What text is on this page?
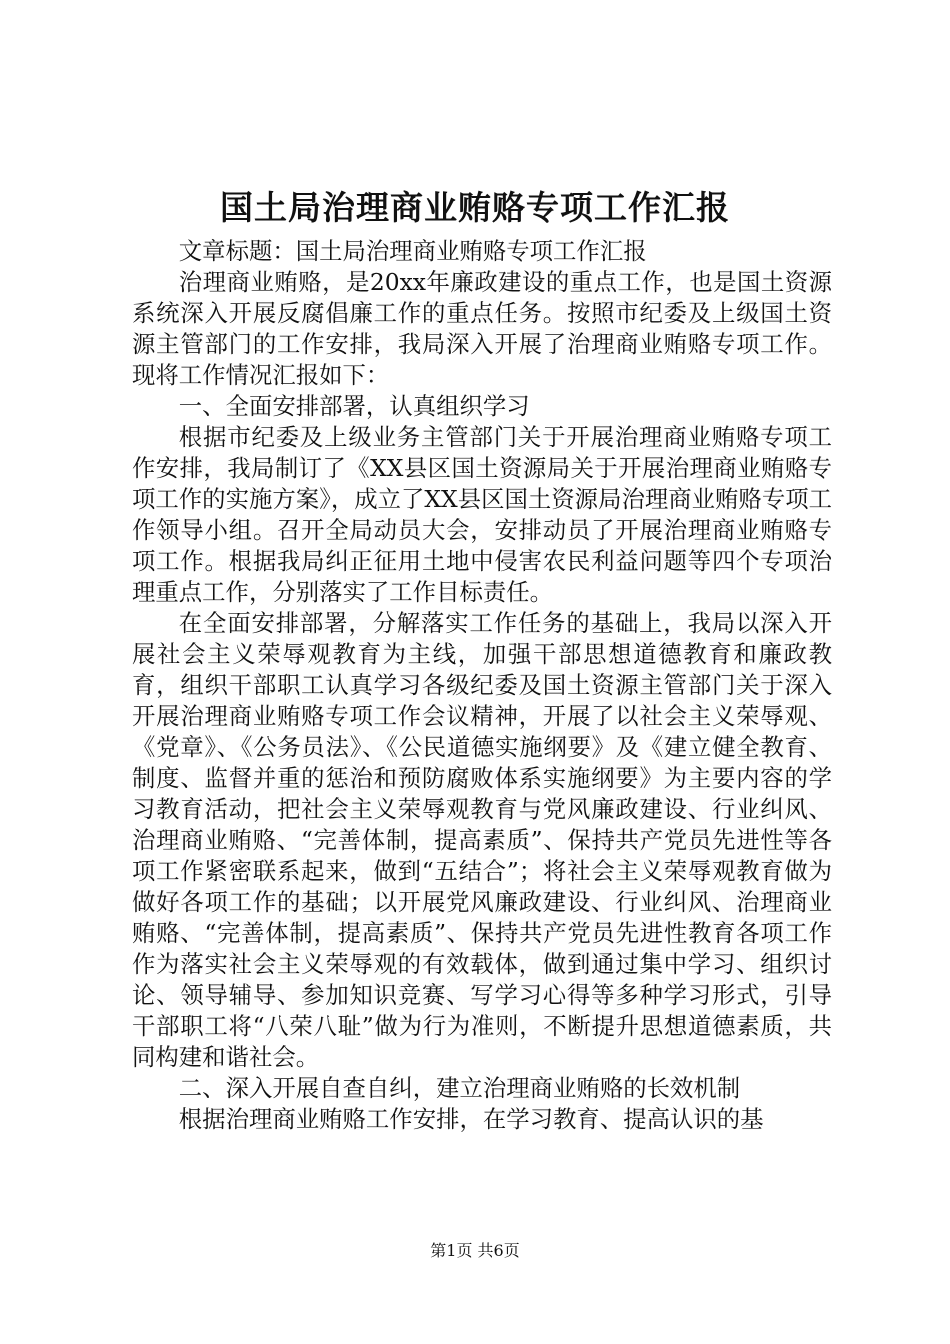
国土局治理商业贿赂专项工作汇报

文章标题：国土局治理商业贿赂专项工作汇报

治理商业贿赂，是20xx年廉政建设的重点工作，也是国土资源系统深入开展反腐倡廉工作的重点任务。按照市纪委及上级国土资源主管部门的工作安排，我局深入开展了治理商业贿赂专项工作。现将工作情况汇报如下：

一、全面安排部署，认真组织学习

根据市纪委及上级业务主管部门关于开展治理商业贿赂专项工作安排，我局制订了《XX县区国土资源局关于开展治理商业贿赂专项工作的实施方案》，成立了XX县区国土资源局治理商业贿赂专项工作领导小组。召开全局动员大会，安排动员了开展治理商业贿赂专项工作。根据我局纠正征用土地中侵害农民利益问题等四个专项治理重点工作，分别落实了工作目标责任。

在全面安排部署，分解落实工作任务的基础上，我局以深入开展社会主义荣辱观教育为主线，加强干部思想道德教育和廉政教育，组织干部职工认真学习各级纪委及国土资源主管部门关于深入开展治理商业贿赂专项工作会议精神，开展了以社会主义荣辱观、《党章》、《公务员法》、《公民道德实施纲要》及《建立健全教育、制度、监督并重的惩治和预防腐败体系实施纲要》为主要内容的学习教育活动，把社会主义荣辱观教育与党风廉政建设、行业纠风、治理商业贿赂、“完善体制，提高素质”、保持共产党员先进性等各项工作紧密联系起来，做到“五结合”；将社会主义荣辱观教育做为做好各项工作的基础；以开展党风廉政建设、行业纠风、治理商业贿赂、“完善体制，提高素质”、保持共产党员先进性教育各项工作作为落实社会主义荣辱观的有效载体，做到通过集中学习、组织讨论、领导辅导、参加知识竞赛、写学习心得等多种学习形式，引导干部职工将“八荣八耻”做为行为准则，不断提升思想道德素质，共同构建和谐社会。

二、深入开展自查自纠，建立治理商业贿赂的长效机制

根据治理商业贿赂工作安排，在学习教育、提高认识的基

第1页 共6页
